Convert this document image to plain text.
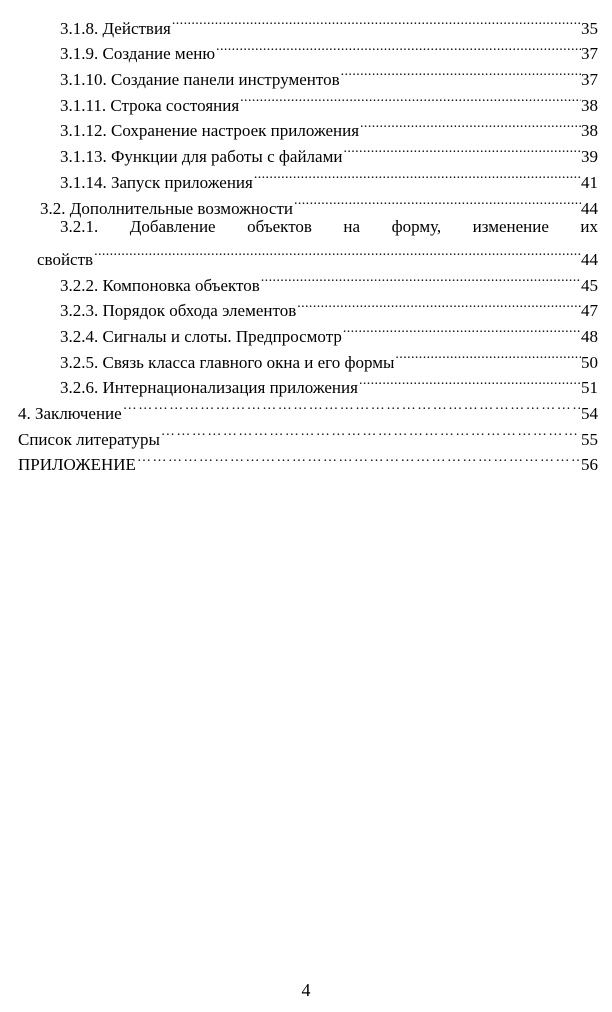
3.1.8. Действия .....	35
3.1.9. Создание меню .....	37
3.1.10. Создание панели инструментов .....	37
3.1.11. Строка состояния .....	38
3.1.12. Сохранение настроек приложения .....	38
3.1.13. Функции для работы с файлами .....	39
3.1.14. Запуск приложения .....	41
3.2. Дополнительные возможности .....	44
3.2.1. Добавление объектов на форму, изменение их
свойств .....	44
3.2.2. Компоновка объектов .....	45
3.2.3. Порядок обхода элементов .....	47
3.2.4. Сигналы и слоты. Предпросмотр .....	48
3.2.5. Связь класса главного окна и его формы .....	50
3.2.6. Интернационализация приложения .....	51
4. Заключение …………………………………………………………………………………………………………………………………………………………………	54
Список литературы …………………………………………………………………………………………………………………………………………………………………	55
ПРИЛОЖЕНИЕ …………………………………………………………………………………………………………………………………………………………………	56
4
